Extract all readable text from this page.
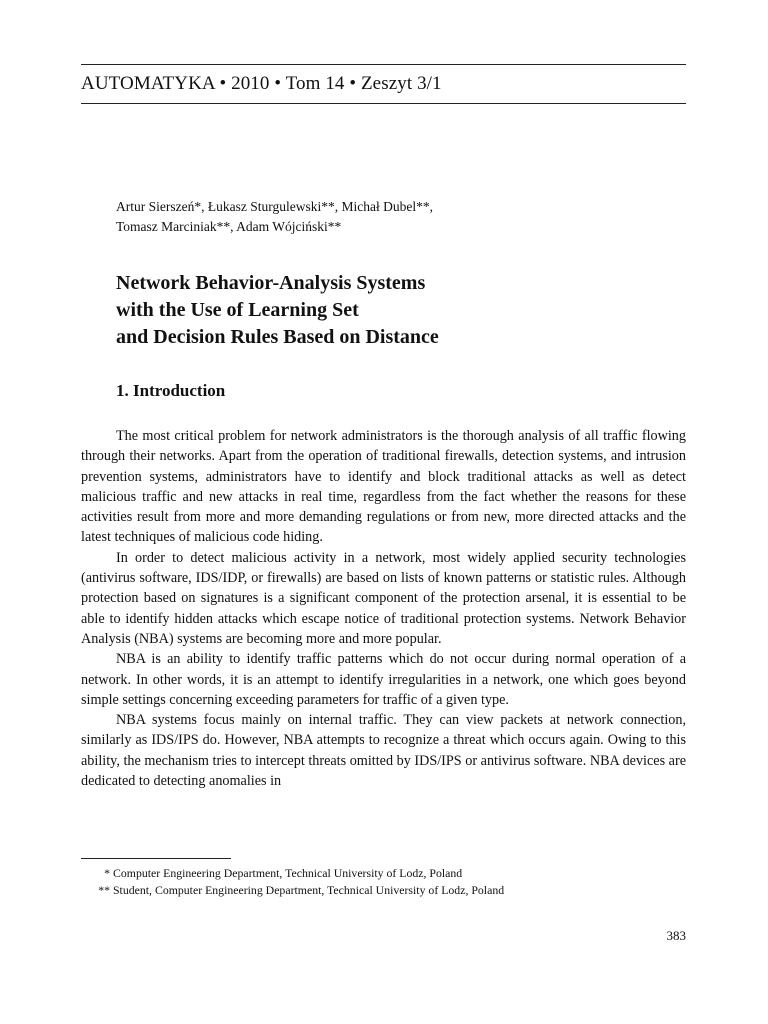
AUTOMATYKA • 2010 • Tom 14 • Zeszyt 3/1
Artur Sierszeń*, Łukasz Sturgulewski**, Michał Dubel**,
Tomasz Marciniak**, Adam Wójciński**
Network Behavior-Analysis Systems
with the Use of Learning Set
and Decision Rules Based on Distance
1. Introduction

The most critical problem for network administrators is the thorough analysis of all traffic flowing through their networks. Apart from the operation of traditional firewalls, detection systems, and intrusion prevention systems, administrators have to identify and block traditional attacks as well as detect malicious traffic and new attacks in real time, regardless from the fact whether the reasons for these activities result from more and more demanding regulations or from new, more directed attacks and the latest techniques of malicious code hiding.

In order to detect malicious activity in a network, most widely applied security technologies (antivirus software, IDS/IDP, or firewalls) are based on lists of known patterns or statistic rules. Although protection based on signatures is a significant component of the protection arsenal, it is essential to be able to identify hidden attacks which escape notice of traditional protection systems. Network Behavior Analysis (NBA) systems are becoming more and more popular.

NBA is an ability to identify traffic patterns which do not occur during normal operation of a network. In other words, it is an attempt to identify irregularities in a network, one which goes beyond simple settings concerning exceeding parameters for traffic of a given type.

NBA systems focus mainly on internal traffic. They can view packets at network connection, similarly as IDS/IPS do. However, NBA attempts to recognize a threat which occurs again. Owing to this ability, the mechanism tries to intercept threats omitted by IDS/IPS or antivirus software. NBA devices are dedicated to detecting anomalies in

* Computer Engineering Department, Technical University of Lodz, Poland
** Student, Computer Engineering Department, Technical University of Lodz, Poland
383
